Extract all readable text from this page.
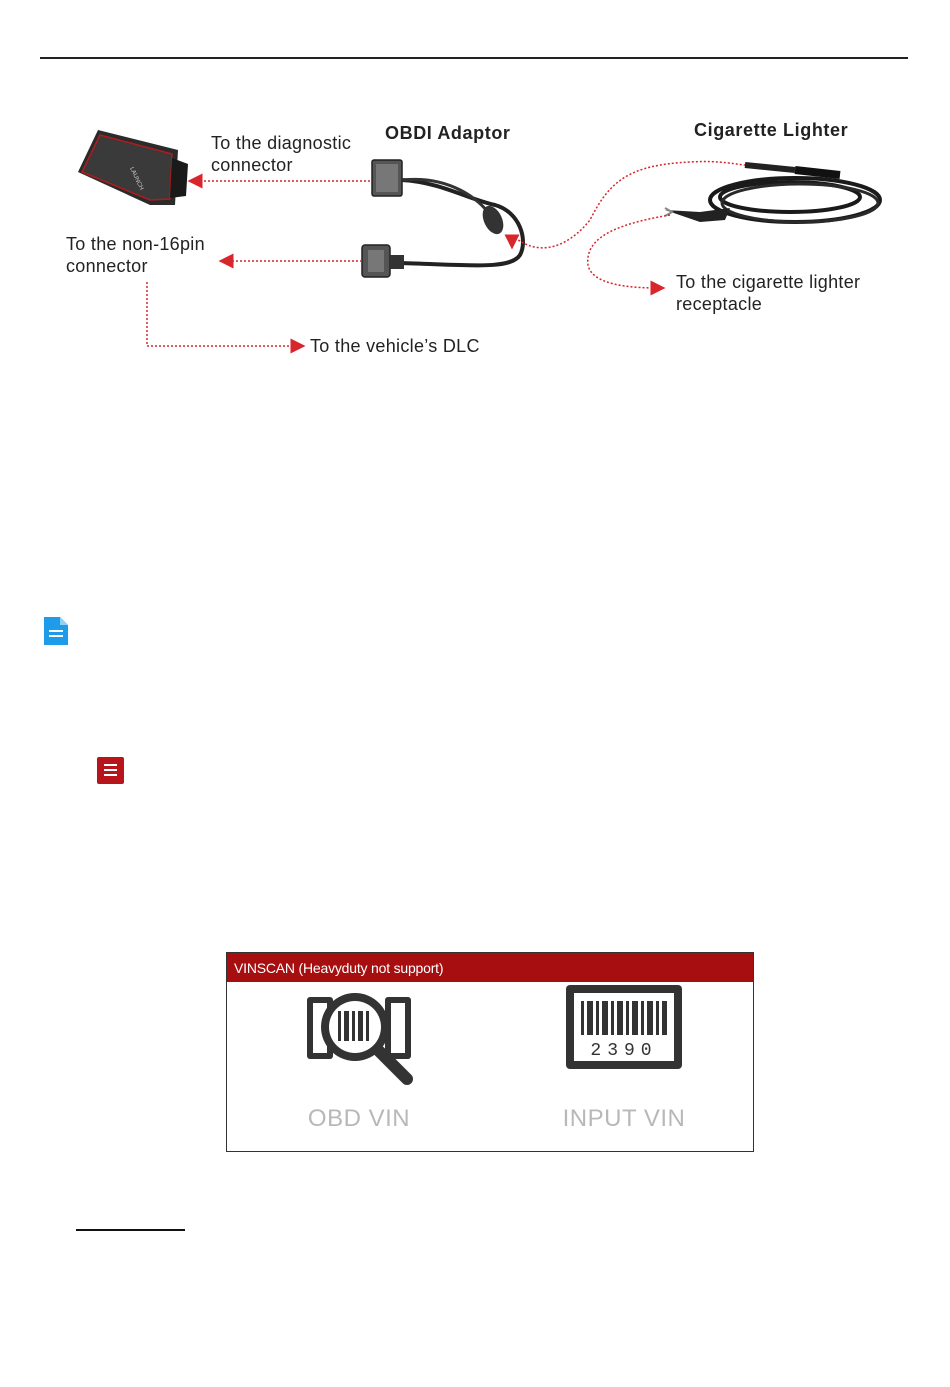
LAUNCH
OBDI Adaptor	Cigarette Lighter
To the diagnostic
connector
To the non-16pin
connector
To the vehicle’s DLC
To the cigarette lighter
receptacle
VINSCAN (Heavyduty not support)
OBD VIN
2390
INPUT VIN
